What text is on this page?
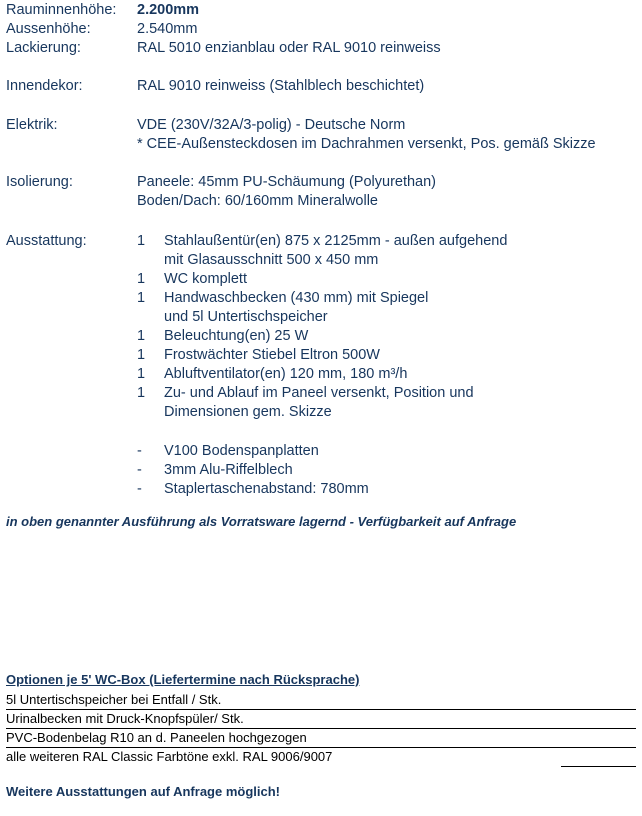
Rauminnenhöhe: 2.200mm
Aussenhöhe:	2.540mm
Lackierung:	RAL 5010 enzianblau oder RAL 9010 reinweiss
Innendekor:	RAL 9010 reinweiss (Stahlblech beschichtet)
Elektrik:	VDE (230V/32A/3-polig) - Deutsche Norm
* CEE-Außensteckdosen im Dachrahmen versenkt, Pos. gemäß Skizze
Isolierung:	Paneele: 45mm PU-Schäumung (Polyurethan)
Boden/Dach: 60/160mm Mineralwolle
Ausstattung:	1 Stahlaußentür(en) 875 x 2125mm - außen aufgehend
mit Glasausschnitt 500 x 450 mm
1 WC komplett
1 Handwaschbecken (430 mm) mit Spiegel
und 5l Untertischspeicher
1 Beleuchtung(en) 25 W
1 Frostwächter Stiebel Eltron 500W
1 Abluftventilator(en) 120 mm, 180 m³/h
1 Zu- und Ablauf im Paneel versenkt, Position und
Dimensionen gem. Skizze
- V100 Bodenspanplatten
- 3mm Alu-Riffelblech
- Staplertaschenabstand: 780mm
in oben genannter Ausführung als Vorratsware lagernd - Verfügbarkeit auf Anfrage
Optionen je 5' WC-Box (Liefertermine nach Rücksprache)
5l Untertischspeicher bei Entfall / Stk.
Urinalbecken mit Druck-Knopfspüler/ Stk.
PVC-Bodenbelag R10 an d. Paneelen hochgezogen
alle weiteren RAL Classic Farbtöne exkl. RAL 9006/9007
Weitere Ausstattungen auf Anfrage möglich!
